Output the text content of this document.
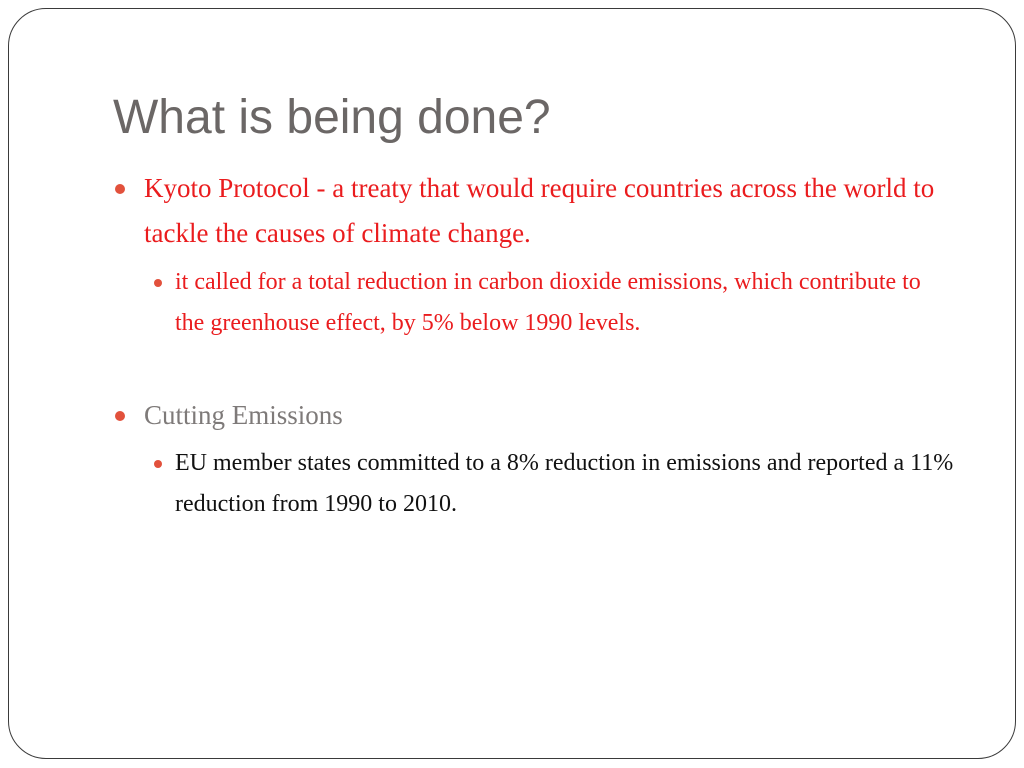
What is being done?
Kyoto Protocol - a treaty that would require countries across the world to tackle the causes of climate change.
it called for a total reduction in carbon dioxide emissions, which contribute to the greenhouse effect, by 5% below 1990 levels.
Cutting Emissions
EU member states committed to a 8% reduction in emissions and reported a 11% reduction from 1990 to 2010.
